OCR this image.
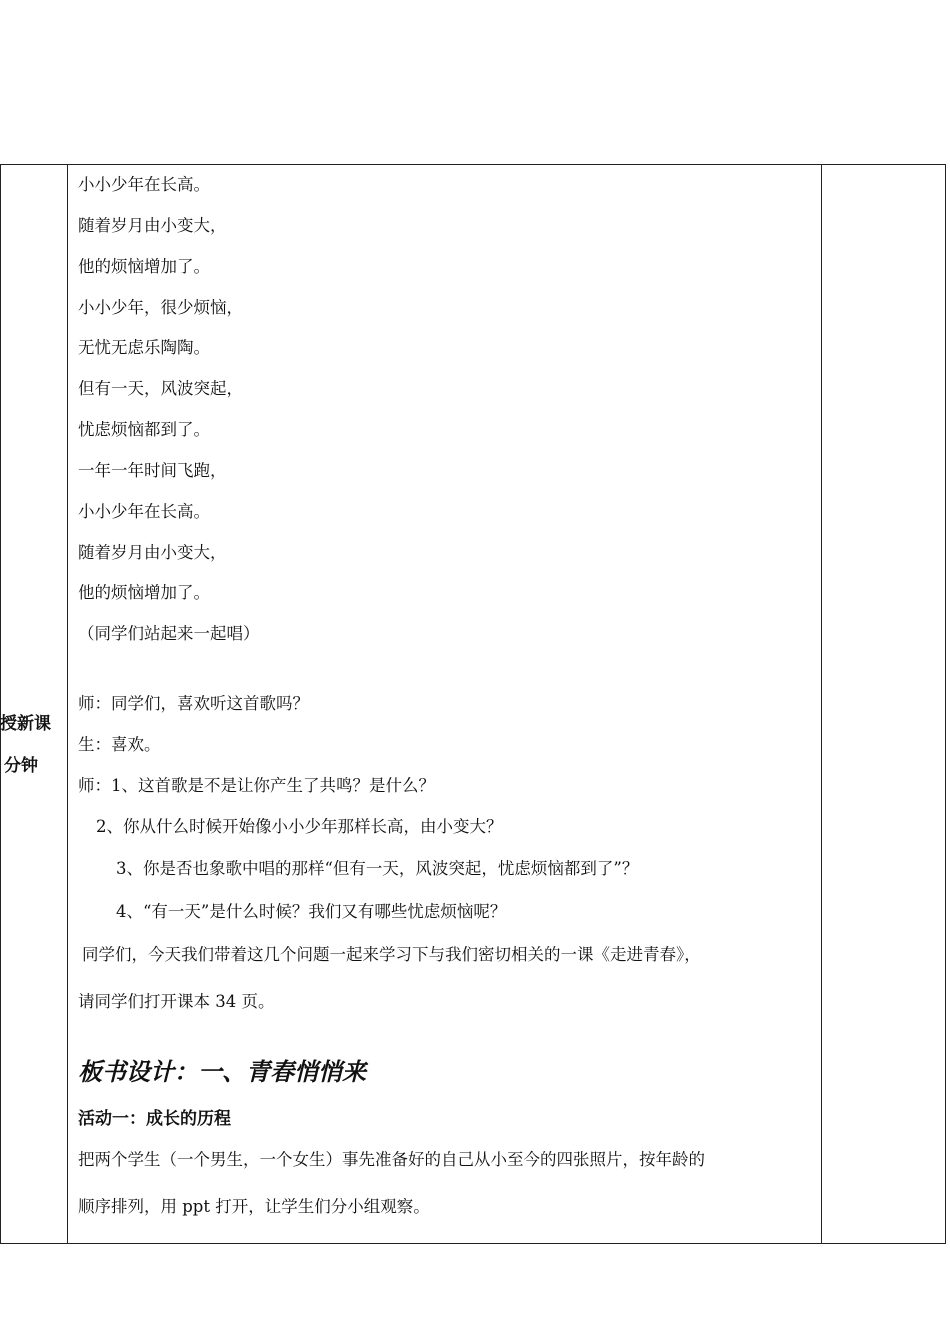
授新课
分钟
小小少年在长高。
随着岁月由小变大，
他的烦恼增加了。
小小少年，很少烦恼，
无忧无虑乐陶陶。
但有一天，风波突起，
忧虑烦恼都到了。
一年一年时间飞跑，
小小少年在长高。
随着岁月由小变大，
他的烦恼增加了。
（同学们站起来一起唱）
师：同学们，喜欢听这首歌吗？
生：喜欢。
师：1、这首歌是不是让你产生了共鸣？是什么？
2、你从什么时候开始像小小少年那样长高，由小变大？
3、你是否也象歌中唱的那样“但有一天，风波突起，忧虑烦恼都到了”？
4、“有一天”是什么时候？我们又有哪些忧虑烦恼呢？
同学们，今天我们带着这几个问题一起来学习下与我们密切相关的一课《走进青春》，
请同学们打开课本 34 页。
板书设计：一、青春悄悄来
活动一：成长的历程
把两个学生（一个男生，一个女生）事先准备好的自己从小至今的四张照片，按年龄的
顺序排列，用 ppt 打开，让学生们分小组观察。
